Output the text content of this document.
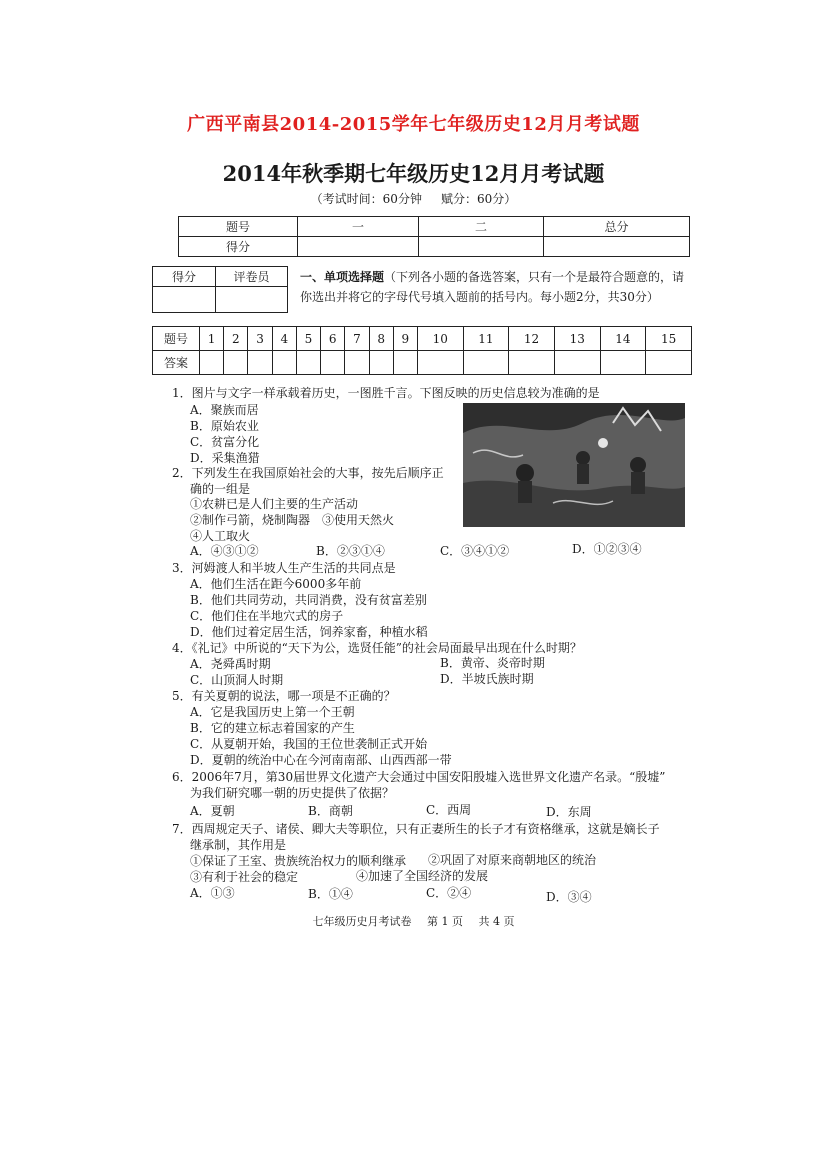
广西平南县2014-2015学年七年级历史12月月考试题
2014年秋季期七年级历史12月月考试题
（考试时间：60分钟 赋分：60分）
题号	一	二	总分
得分			
得分	评卷员
		一、单项选择题（下列各小题的备选答案，只有一个是最符合题意的，请你选出并将它的字母代号填入题前的括号内。每小题2分，共30分）
题号	1	2	3	4	5	6	7	8	9	10	11	12	13	14	15
答案															
1．图片与文字一样承载着历史，一图胜千言。下图反映的历史信息较为准确的是
A．聚族而居
B．原始农业
C．贫富分化
D．采集渔猎
2．下列发生在我国原始社会的大事，按先后顺序正
确的一组是
①农耕已是人们主要的生产活动
②制作弓箭，烧制陶器　③使用天然火
④人工取火
A．④③①②	B．②③①④	C．③④①②	D．①②③④
3．河姆渡人和半坡人生产生活的共同点是
A．他们生活在距今6000多年前
B．他们共同劳动，共同消费，没有贫富差别
C．他们住在半地穴式的房子
D．他们过着定居生活，饲养家畜，种植水稻
4．《礼记》中所说的“天下为公，选贤任能”的社会局面最早出现在什么时期？
A．尧舜禹时期	B．黄帝、炎帝时期
C．山顶洞人时期	D．半坡氏族时期
5．有关夏朝的说法，哪一项是不正确的？
A．它是我国历史上第一个王朝
B．它的建立标志着国家的产生
C．从夏朝开始，我国的王位世袭制正式开始
D．夏朝的统治中心在今河南南部、山西西部一带
6．2006年7月，第30届世界文化遗产大会通过中国安阳殷墟入选世界文化遗产名录。“殷墟”
为我们研究哪一朝的历史提供了依据？
A．夏朝	B．商朝	C．西周	D．东周
7．西周规定天子、诸侯、卿大夫等职位，只有正妻所生的长子才有资格继承，这就是嫡长子
继承制，其作用是
①保证了王室、贵族统治权力的顺利继承 ②巩固了对原来商朝地区的统治
③有利于社会的稳定	④加速了全国经济的发展
A．①③	B．①④	C．②④	D．③④
七年级历史月考试卷 第 1 页 共 4 页
